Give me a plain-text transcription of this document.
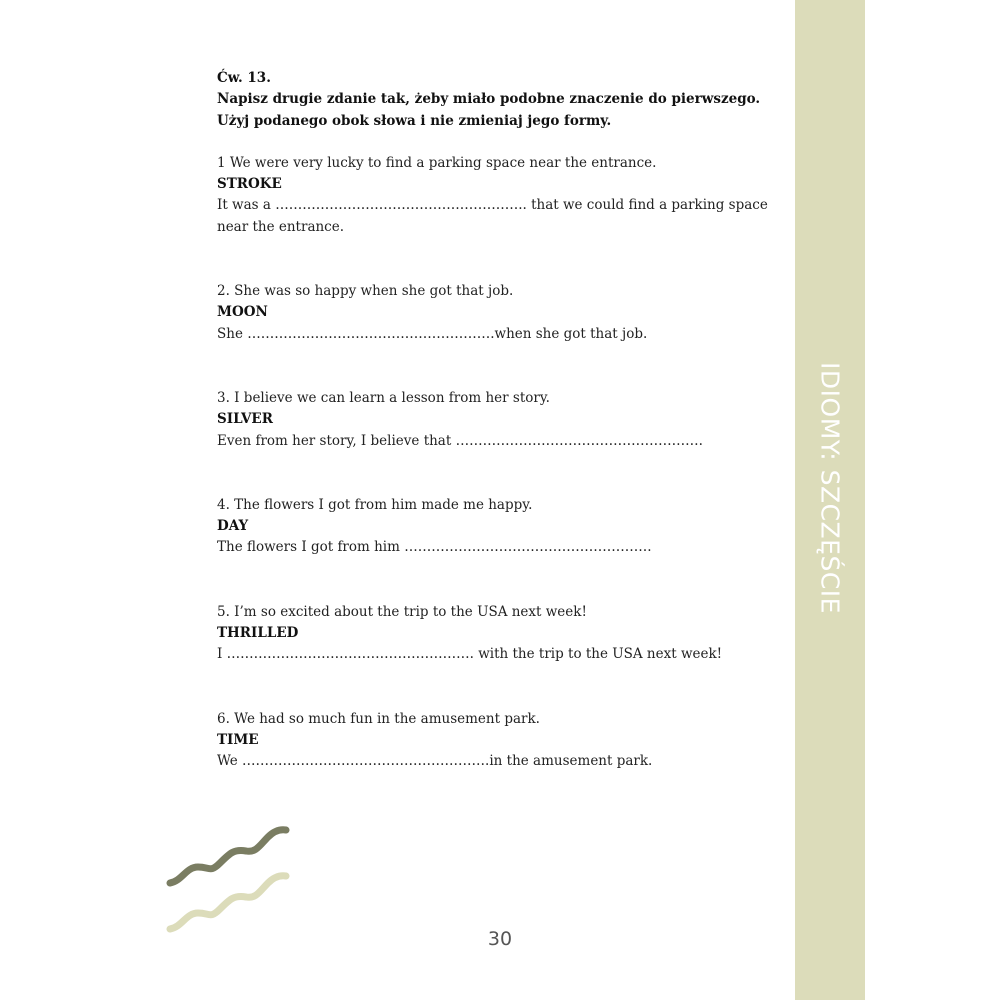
IDIOMY: SZCZĘŚCIE

Ćw. 13.

Napisz drugie zdanie tak, żeby miało podobne znaczenie do pierwszego. Użyj podanego obok słowa i nie zmieniaj jego formy.

1 We were very lucky to find a parking space near the entrance.

STROKE

It was a ……………………………………………….. that we could find a parking space near the entrance.

2. She was so happy when she got that job.

MOON

She ……………………………………………….when she got that job.

3. I believe we can learn a lesson from her story.

SILVER

Even from her story, I believe that ……………………………………………….

4. The flowers I got from him made me happy.

DAY

The flowers I got from him ……………………………………………….

5. I’m so excited about the trip to the USA next week!

THRILLED

I ………………………………………………. with the trip to the USA next week!

6. We had so much fun in the amusement park.

TIME

We ……………………………………………….in the amusement park.

30
